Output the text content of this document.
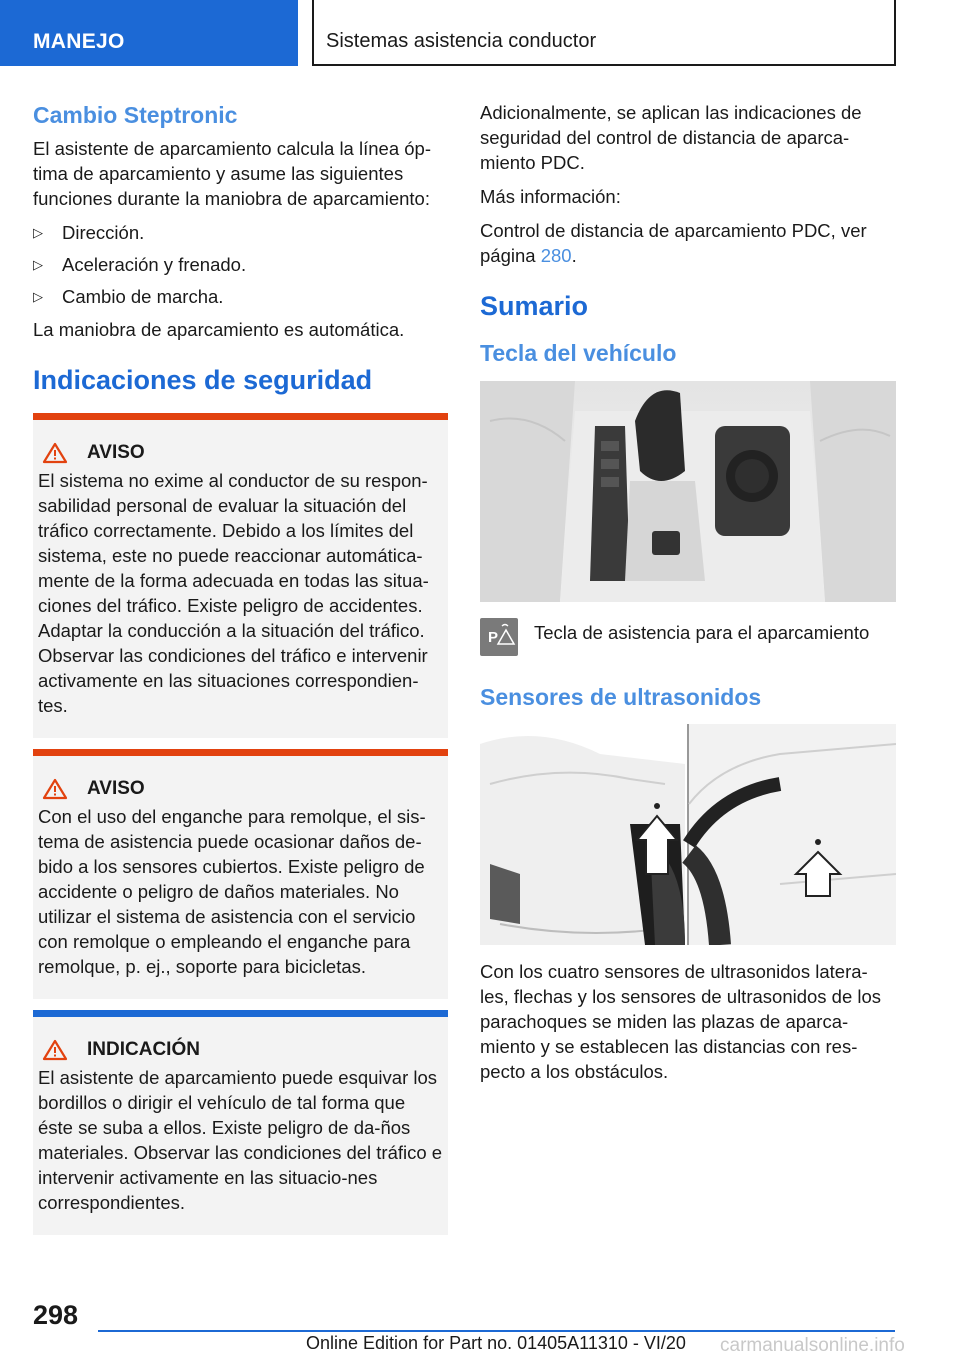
MANEJO	Sistemas asistencia conductor
Cambio Steptronic

El asistente de aparcamiento calcula la línea óp-tima de aparcamiento y asume las siguientes funciones durante la maniobra de aparcamiento:

▷ Dirección.
▷ Aceleración y frenado.
▷ Cambio de marcha.

La maniobra de aparcamiento es automática.

Indicaciones de seguridad
AVISO

El sistema no exime al conductor de su respon-sabilidad personal de evaluar la situación del tráfico correctamente. Debido a los límites del sistema, este no puede reaccionar automática-mente de la forma adecuada en todas las situa-ciones del tráfico. Existe peligro de accidentes. Adaptar la conducción a la situación del tráfico. Observar las condiciones del tráfico e intervenir activamente en las situaciones correspondien-tes.

AVISO

Con el uso del enganche para remolque, el sis-tema de asistencia puede ocasionar daños de-bido a los sensores cubiertos. Existe peligro de accidente o peligro de daños materiales. No utilizar el sistema de asistencia con el servicio con remolque o empleando el enganche para remolque, p. ej., soporte para bicicletas.

INDICACIÓN

El asistente de aparcamiento puede esquivar los bordillos o dirigir el vehículo de tal forma que éste se suba a ellos. Existe peligro de da-ños materiales. Observar las condiciones del tráfico e intervenir activamente en las situacio-nes correspondientes.

Adicionalmente, se aplican las indicaciones de seguridad del control de distancia de aparca-miento PDC.

Más información:

Control de distancia de aparcamiento PDC, ver página 280.

Sumario
Tecla del vehículo
P Tecla de asistencia para el aparcamiento

Sensores de ultrasonidos

Con los cuatro sensores de ultrasonidos latera-les, flechas y los sensores de ultrasonidos de los parachoques se miden las plazas de aparca-miento y se establecen las distancias con res-pecto a los obstáculos.

298
Online Edition for Part no. 01405A11310 - VI/20 carmanualsonline.info
